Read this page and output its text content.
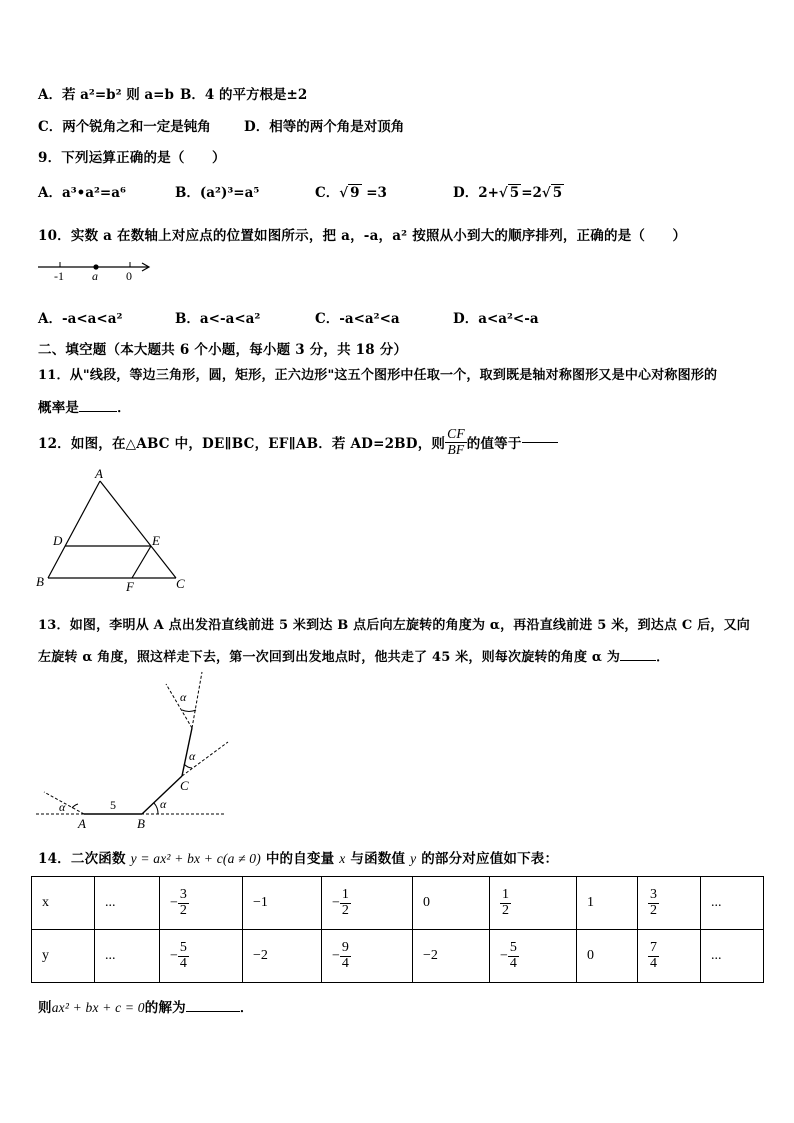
A．若 a²=b² 则 a=b B．4 的平方根是±2
C．两个锐角之和一定是钝角 D．相等的两个角是对顶角
9．下列运算正确的是（　　）
A．a³•a²=a⁶	B．(a²)³=a⁵	C．√ 9 =3	D．2+√ 5 =2√ 5
10．实数 a 在数轴上对应点的位置如图所示，把 a，-a，a² 按照从小到大的顺序排列，正确的是（　　）
-1 a 0
A．-a<a<a²	B．a<-a<a²	C．-a<a²<a	D．a<a²<-a
二、填空题（本大题共 6 个小题，每小题 3 分，共 18 分）
11．从"线段，等边三角形，圆，矩形，正六边形"这五个图形中任取一个，取到既是轴对称图形又是中心对称图形的
概率是	．
12．如图，在△ABC 中，DE∥BC，EF∥AB．若 AD=2BD，则 $\frac{CF}{BF}$ 的值等于
A
D	E
B	F	C
13．如图，李明从 A 点出发沿直线前进 5 米到达 B 点后向左旋转的角度为 α，再沿直线前进 5 米，到达点 C 后，又向
左旋转 α 角度，照这样走下去，第一次回到出发地点时，他共走了 45 米，则每次旋转的角度 α 为	．
α	α
α
α
5
A	B
C
14．二次函数 y = ax² + bx + c(a ≠ 0) 中的自变量 x 与函数值 y 的部分对应值如下表：
x	...	− $\frac{3}{2}$	−1	− $\frac{1}{2}$	0	$\frac{1}{2}$	1	$\frac{3}{2}$	...
y	...	− $\frac{5}{4}$	−2	− $\frac{9}{4}$	−2	− $\frac{5}{4}$	0	$\frac{7}{4}$	...
则ax² + bx + c = 0的解为	．
